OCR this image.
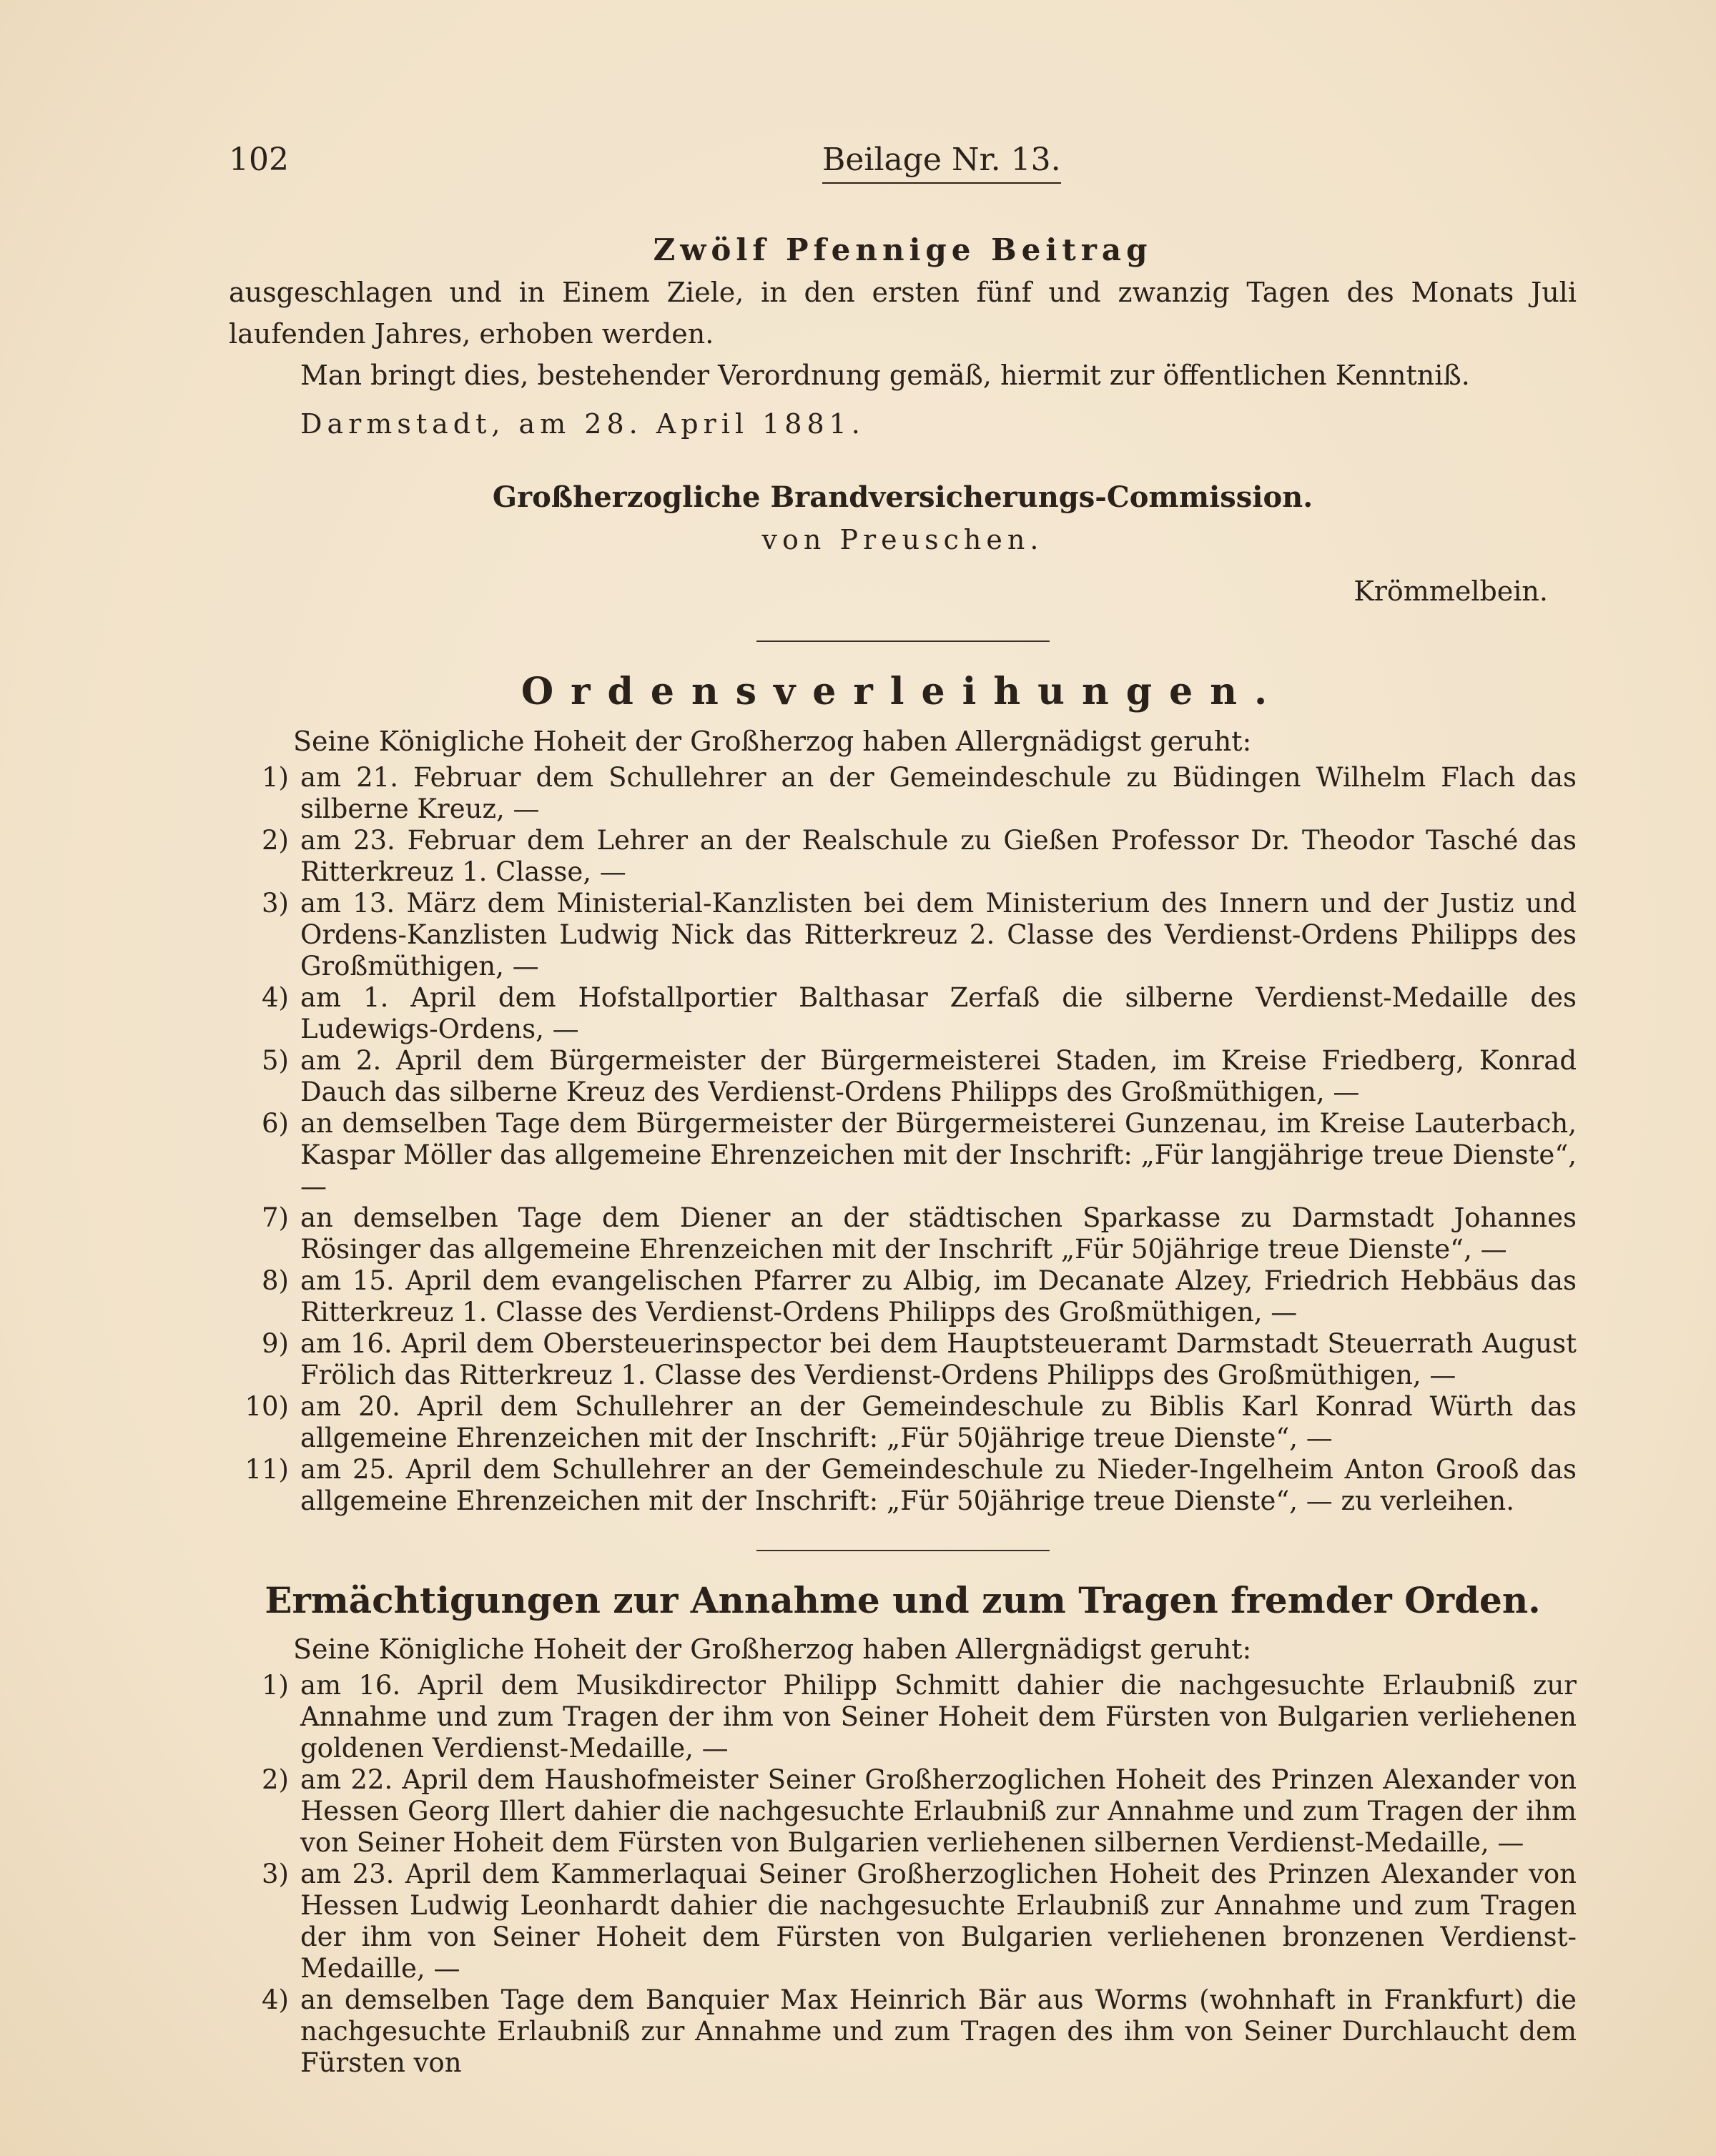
102	Beilage Nr. 13.
Zwölf Pfennige Beitrag
ausgeschlagen und in Einem Ziele, in den ersten fünf und zwanzig Tagen des Monats Juli
laufenden Jahres, erhoben werden.
Man bringt dies, bestehender Verordnung gemäß, hiermit zur öffentlichen Kenntniß.
Darmstadt, am 28. April 1881.
Großherzogliche Brandversicherungs-Commission.
von Preuschen.
Krömmelbein.
Ordensverleihungen.
Seine Königliche Hoheit der Großherzog haben Allergnädigst geruht:
1) am 21. Februar dem Schullehrer an der Gemeindeschule zu Büdingen Wilhelm Flach das silberne Kreuz, —
2) am 23. Februar dem Lehrer an der Realschule zu Gießen Professor Dr. Theodor Tasché das Ritterkreuz 1. Classe, —
3) am 13. März dem Ministerial-Kanzlisten bei dem Ministerium des Innern und der Justiz und Ordens-Kanzlisten Ludwig Nick das Ritterkreuz 2. Classe des Verdienst-Ordens Philipps des Großmüthigen, —
4) am 1. April dem Hofstallportier Balthasar Zerfaß die silberne Verdienst-Medaille des Ludewigs-Ordens, —
5) am 2. April dem Bürgermeister der Bürgermeisterei Staden, im Kreise Friedberg, Konrad Dauch das silberne Kreuz des Verdienst-Ordens Philipps des Großmüthigen, —
6) an demselben Tage dem Bürgermeister der Bürgermeisterei Gunzenau, im Kreise Lauterbach, Kaspar Möller das allgemeine Ehrenzeichen mit der Inschrift: „Für langjährige treue Dienste“, —
7) an demselben Tage dem Diener an der städtischen Sparkasse zu Darmstadt Johannes Rösinger das allgemeine Ehrenzeichen mit der Inschrift „Für 50jährige treue Dienste“, —
8) am 15. April dem evangelischen Pfarrer zu Albig, im Decanate Alzey, Friedrich Hebbäus das Ritterkreuz 1. Classe des Verdienst-Ordens Philipps des Großmüthigen, —
9) am 16. April dem Obersteuerinspector bei dem Hauptsteueramt Darmstadt Steuerrath August Frölich das Ritterkreuz 1. Classe des Verdienst-Ordens Philipps des Großmüthigen, —
10) am 20. April dem Schullehrer an der Gemeindeschule zu Biblis Karl Konrad Würth das allgemeine Ehrenzeichen mit der Inschrift: „Für 50jährige treue Dienste“, —
11) am 25. April dem Schullehrer an der Gemeindeschule zu Nieder-Ingelheim Anton Grooß das allgemeine Ehrenzeichen mit der Inschrift: „Für 50jährige treue Dienste“, — zu verleihen.
Ermächtigungen zur Annahme und zum Tragen fremder Orden.
Seine Königliche Hoheit der Großherzog haben Allergnädigst geruht:
1) am 16. April dem Musikdirector Philipp Schmitt dahier die nachgesuchte Erlaubniß zur Annahme und zum Tragen der ihm von Seiner Hoheit dem Fürsten von Bulgarien verliehenen goldenen Verdienst-Medaille, —
2) am 22. April dem Haushofmeister Seiner Großherzoglichen Hoheit des Prinzen Alexander von Hessen Georg Illert dahier die nachgesuchte Erlaubniß zur Annahme und zum Tragen der ihm von Seiner Hoheit dem Fürsten von Bulgarien verliehenen silbernen Verdienst-Medaille, —
3) am 23. April dem Kammerlaquai Seiner Großherzoglichen Hoheit des Prinzen Alexander von Hessen Ludwig Leonhardt dahier die nachgesuchte Erlaubniß zur Annahme und zum Tragen der ihm von Seiner Hoheit dem Fürsten von Bulgarien verliehenen bronzenen Verdienst-Medaille, —
4) an demselben Tage dem Banquier Max Heinrich Bär aus Worms (wohnhaft in Frankfurt) die nachgesuchte Erlaubniß zur Annahme und zum Tragen des ihm von Seiner Durchlaucht dem Fürsten von
